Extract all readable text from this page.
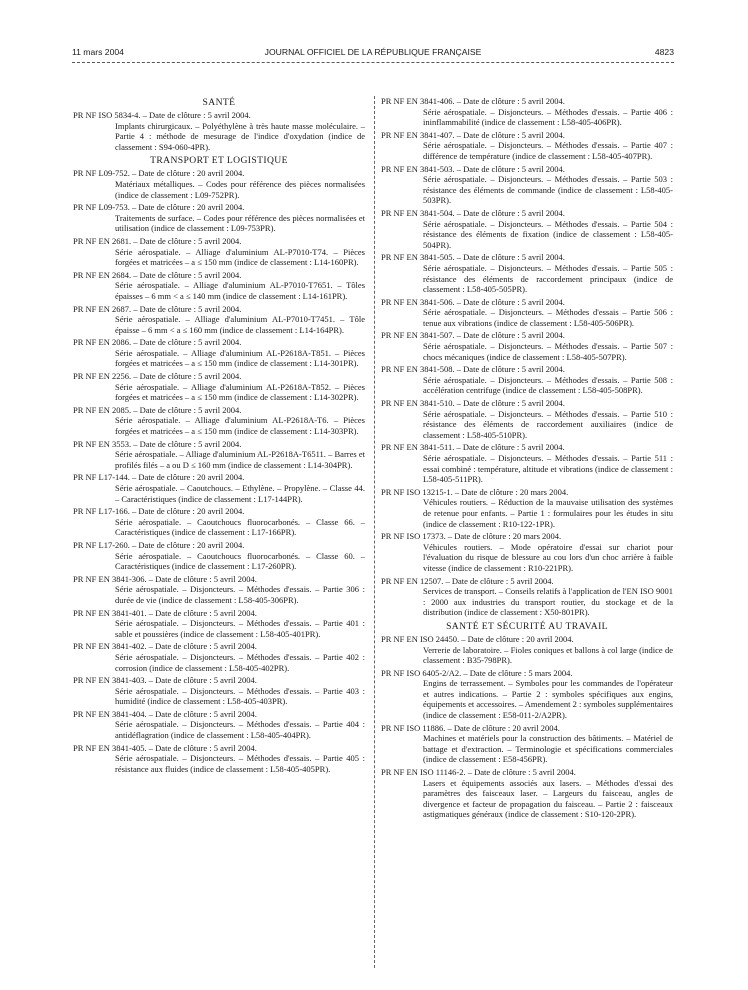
11 mars 2004	JOURNAL OFFICIEL DE LA RÉPUBLIQUE FRANÇAISE	4823
SANTÉ
PR NF ISO 5834-4. – Date de clôture : 5 avril 2004.
Implants chirurgicaux. – Polyéthylène à très haute masse moléculaire. – Partie 4 : méthode de mesurage de l'indice d'oxydation (indice de classement : S94-060-4PR).
TRANSPORT ET LOGISTIQUE
PR NF L09-752. – Date de clôture : 20 avril 2004.
Matériaux métalliques. – Codes pour référence des pièces normalisées (indice de classement : L09-752PR).
PR NF L09-753. – Date de clôture : 20 avril 2004.
Traitements de surface. – Codes pour référence des pièces normalisées et utilisation (indice de classement : L09-753PR).
PR NF EN 2681. – Date de clôture : 5 avril 2004.
Série aérospatiale. – Alliage d'aluminium AL-P7010-T74. – Pièces forgées et matricées – a ≤ 150 mm (indice de classement : L14-160PR).
PR NF EN 2684. – Date de clôture : 5 avril 2004.
Série aérospatiale. – Alliage d'aluminium AL-P7010-T7651. – Tôles épaisses – 6 mm < a ≤ 140 mm (indice de classement : L14-161PR).
PR NF EN 2687. – Date de clôture : 5 avril 2004.
Série aérospatiale. – Alliage d'aluminium AL-P7010-T7451. – Tôle épaisse – 6 mm < a ≤ 160 mm (indice de classement : L14-164PR).
PR NF EN 2086. – Date de clôture : 5 avril 2004.
Série aérospatiale. – Alliage d'aluminium AL-P2618A-T851. – Pièces forgées et matricées – a ≤ 150 mm (indice de classement : L14-301PR).
PR NF EN 2256. – Date de clôture : 5 avril 2004.
Série aérospatiale. – Alliage d'aluminium AL-P2618A-T852. – Pièces forgées et matricées – a ≤ 150 mm (indice de classement : L14-302PR).
PR NF EN 2085. – Date de clôture : 5 avril 2004.
Série aérospatiale. – Alliage d'aluminium AL-P2618A-T6. – Pièces forgées et matricées – a ≤ 150 mm (indice de classement : L14-303PR).
PR NF EN 3553. – Date de clôture : 5 avril 2004.
Série aérospatiale. – Alliage d'aluminium AL-P2618A-T6511. – Barres et profilés filés – a ou D ≤ 160 mm (indice de classement : L14-304PR).
PR NF L17-144. – Date de clôture : 20 avril 2004.
Série aérospatiale. – Caoutchoucs. – Ethylène. – Propylène. – Classe 44. – Caractéristiques (indice de classement : L17-144PR).
PR NF L17-166. – Date de clôture : 20 avril 2004.
Série aérospatiale. – Caoutchoucs fluorocarbonés. – Classe 66. – Caractéristiques (indice de classement : L17-166PR).
PR NF L17-260. – Date de clôture : 20 avril 2004.
Série aérospatiale. – Caoutchoucs fluorocarbonés. – Classe 60. – Caractéristiques (indice de classement : L17-260PR).
PR NF EN 3841-306. – Date de clôture : 5 avril 2004.
Série aérospatiale. – Disjoncteurs. – Méthodes d'essais. – Partie 306 : durée de vie (indice de classement : L58-405-306PR).
PR NF EN 3841-401. – Date de clôture : 5 avril 2004.
Série aérospatiale. – Disjoncteurs. – Méthodes d'essais. – Partie 401 : sable et poussières (indice de classement : L58-405-401PR).
PR NF EN 3841-402. – Date de clôture : 5 avril 2004.
Série aérospatiale. – Disjoncteurs. – Méthodes d'essais. – Partie 402 : corrosion (indice de classement : L58-405-402PR).
PR NF EN 3841-403. – Date de clôture : 5 avril 2004.
Série aérospatiale. – Disjoncteurs. – Méthodes d'essais. – Partie 403 : humidité (indice de classement : L58-405-403PR).
PR NF EN 3841-404. – Date de clôture : 5 avril 2004.
Série aérospatiale. – Disjoncteurs. – Méthodes d'essais. – Partie 404 : antidéflagration (indice de classement : L58-405-404PR).
PR NF EN 3841-405. – Date de clôture : 5 avril 2004.
Série aérospatiale. – Disjoncteurs. – Méthodes d'essais. – Partie 405 : résistance aux fluides (indice de classement : L58-405-405PR).
PR NF EN 3841-406. – Date de clôture : 5 avril 2004.
Série aérospatiale. – Disjoncteurs. – Méthodes d'essais. – Partie 406 : ininflammabilité (indice de classement : L58-405-406PR).
PR NF EN 3841-407. – Date de clôture : 5 avril 2004.
Série aérospatiale. – Disjoncteurs. – Méthodes d'essais. – Partie 407 : différence de température (indice de classement : L58-405-407PR).
PR NF EN 3841-503. – Date de clôture : 5 avril 2004.
Série aérospatiale. – Disjoncteurs. – Méthodes d'essais. – Partie 503 : résistance des éléments de commande (indice de classement : L58-405-503PR).
PR NF EN 3841-504. – Date de clôture : 5 avril 2004.
Série aérospatiale. – Disjoncteurs. – Méthodes d'essais. – Partie 504 : résistance des éléments de fixation (indice de classement : L58-405-504PR).
PR NF EN 3841-505. – Date de clôture : 5 avril 2004.
Série aérospatiale. – Disjoncteurs. – Méthodes d'essais. – Partie 505 : résistance des éléments de raccordement principaux (indice de classement : L58-405-505PR).
PR NF EN 3841-506. – Date de clôture : 5 avril 2004.
Série aérospatiale. – Disjoncteurs. – Méthodes d'essais – Partie 506 : tenue aux vibrations (indice de classement : L58-405-506PR).
PR NF EN 3841-507. – Date de clôture : 5 avril 2004.
Série aérospatiale. – Disjoncteurs. – Méthodes d'essais. – Partie 507 : chocs mécaniques (indice de classement : L58-405-507PR).
PR NF EN 3841-508. – Date de clôture : 5 avril 2004.
Série aérospatiale. – Disjoncteurs. – Méthodes d'essais. – Partie 508 : accélération centrifuge (indice de classement : L58-405-508PR).
PR NF EN 3841-510. – Date de clôture : 5 avril 2004.
Série aérospatiale. – Disjoncteurs. – Méthodes d'essais. – Partie 510 : résistance des éléments de raccordement auxiliaires (indice de classement : L58-405-510PR).
PR NF EN 3841-511. – Date de clôture : 5 avril 2004.
Série aérospatiale. – Disjoncteurs. – Méthodes d'essais. – Partie 511 : essai combiné : température, altitude et vibrations (indice de classement : L58-405-511PR).
PR NF ISO 13215-1. – Date de clôture : 20 mars 2004.
Véhicules routiers. – Réduction de la mauvaise utilisation des systèmes de retenue pour enfants. – Partie 1 : formulaires pour les études in situ (indice de classement : R10-122-1PR).
PR NF ISO 17373. – Date de clôture : 20 mars 2004.
Véhicules routiers. – Mode opératoire d'essai sur chariot pour l'évaluation du risque de blessure au cou lors d'un choc arrière à faible vitesse (indice de classement : R10-221PR).
PR NF EN 12507. – Date de clôture : 5 avril 2004.
Services de transport. – Conseils relatifs à l'application de l'EN ISO 9001 : 2000 aux industries du transport routier, du stockage et de la distribution (indice de classement : X50-801PR).
SANTÉ ET SÉCURITÉ AU TRAVAIL
PR NF EN ISO 24450. – Date de clôture : 20 avril 2004.
Verrerie de laboratoire. – Fioles coniques et ballons à col large (indice de classement : B35-798PR).
PR NF ISO 6405-2/A2. – Date de clôture : 5 mars 2004.
Engins de terrassement. – Symboles pour les commandes de l'opérateur et autres indications. – Partie 2 : symboles spécifiques aux engins, équipements et accessoires. – Amendement 2 : symboles supplémentaires (indice de classement : E58-011-2/A2PR).
PR NF ISO 11886. – Date de clôture : 20 avril 2004.
Machines et matériels pour la construction des bâtiments. – Matériel de battage et d'extraction. – Terminologie et spécifications commerciales (indice de classement : E58-456PR).
PR NF EN ISO 11146-2. – Date de clôture : 5 avril 2004.
Lasers et équipements associés aux lasers. – Méthodes d'essai des paramètres des faisceaux laser. – Largeurs du faisceau, angles de divergence et facteur de propagation du faisceau. – Partie 2 : faisceaux astigmatiques généraux (indice de classement : S10-120-2PR).
